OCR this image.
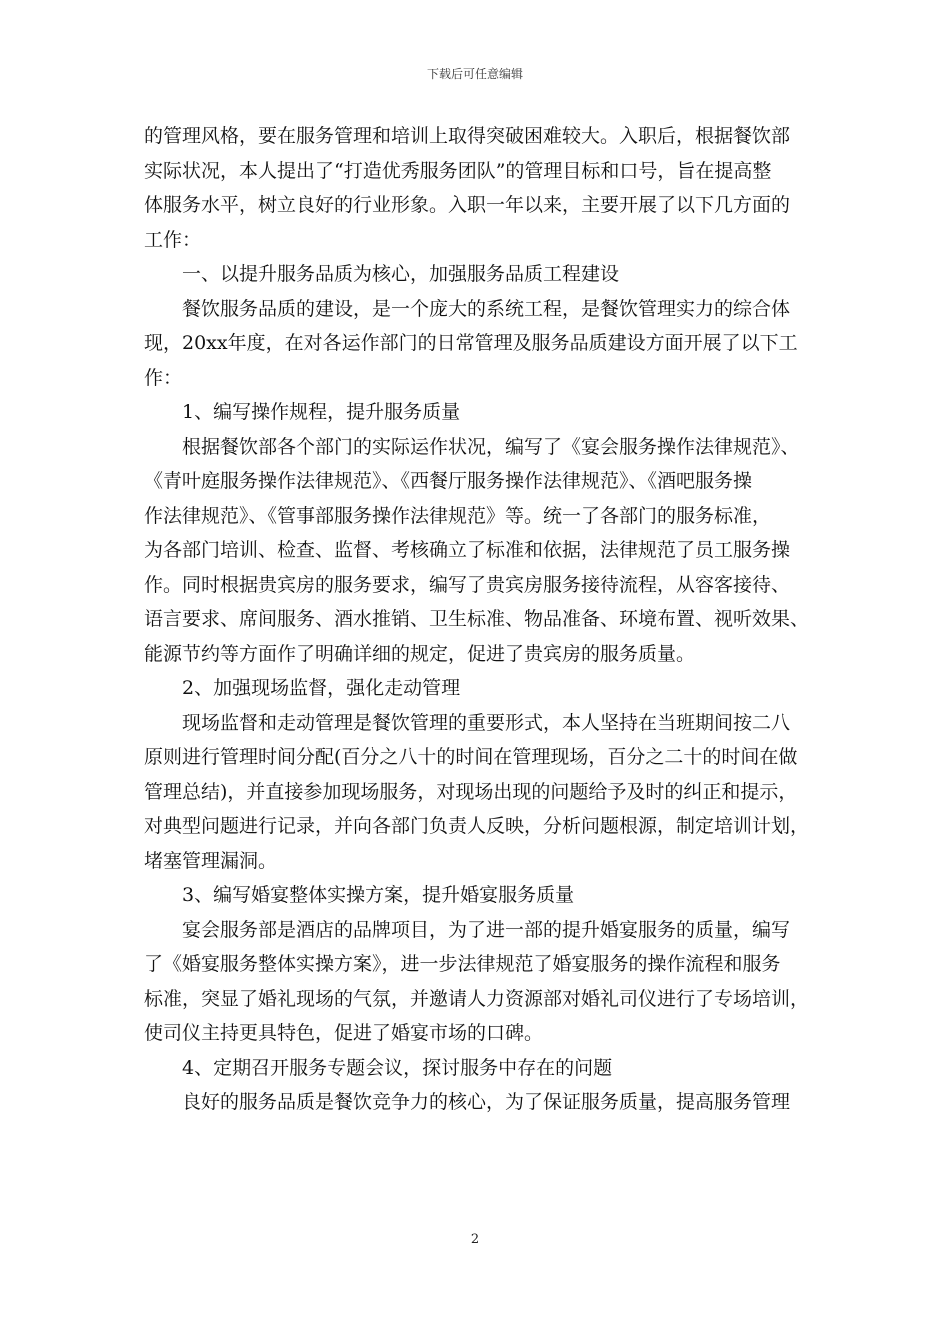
下载后可任意编辑
的管理风格，要在服务管理和培训上取得突破困难较大。入职后，根据餐饮部
实际状况，本人提出了“打造优秀服务团队”的管理目标和口号，旨在提高整
体服务水平，树立良好的行业形象。入职一年以来，主要开展了以下几方面的
工作：
一、以提升服务品质为核心，加强服务品质工程建设
餐饮服务品质的建设，是一个庞大的系统工程，是餐饮管理实力的综合体
现，20xx年度，在对各运作部门的日常管理及服务品质建设方面开展了以下工
作：
1、编写操作规程，提升服务质量
根据餐饮部各个部门的实际运作状况，编写了《宴会服务操作法律规范》、
《青叶庭服务操作法律规范》、《西餐厅服务操作法律规范》、《酒吧服务操
作法律规范》、《管事部服务操作法律规范》等。统一了各部门的服务标准，
为各部门培训、检查、监督、考核确立了标准和依据，法律规范了员工服务操
作。同时根据贵宾房的服务要求，编写了贵宾房服务接待流程，从容客接待、
语言要求、席间服务、酒水推销、卫生标准、物品准备、环境布置、视听效果、
能源节约等方面作了明确详细的规定，促进了贵宾房的服务质量。
2、加强现场监督，强化走动管理
现场监督和走动管理是餐饮管理的重要形式，本人坚持在当班期间按二八
原则进行管理时间分配(百分之八十的时间在管理现场，百分之二十的时间在做
管理总结)，并直接参加现场服务，对现场出现的问题给予及时的纠正和提示，
对典型问题进行记录，并向各部门负责人反映，分析问题根源，制定培训计划，
堵塞管理漏洞。
3、编写婚宴整体实操方案，提升婚宴服务质量
宴会服务部是酒店的品牌项目，为了进一部的提升婚宴服务的质量，编写
了《婚宴服务整体实操方案》，进一步法律规范了婚宴服务的操作流程和服务
标准，突显了婚礼现场的气氛，并邀请人力资源部对婚礼司仪进行了专场培训，
使司仪主持更具特色，促进了婚宴市场的口碑。
4、定期召开服务专题会议，探讨服务中存在的问题
良好的服务品质是餐饮竞争力的核心，为了保证服务质量，提高服务管理
2
